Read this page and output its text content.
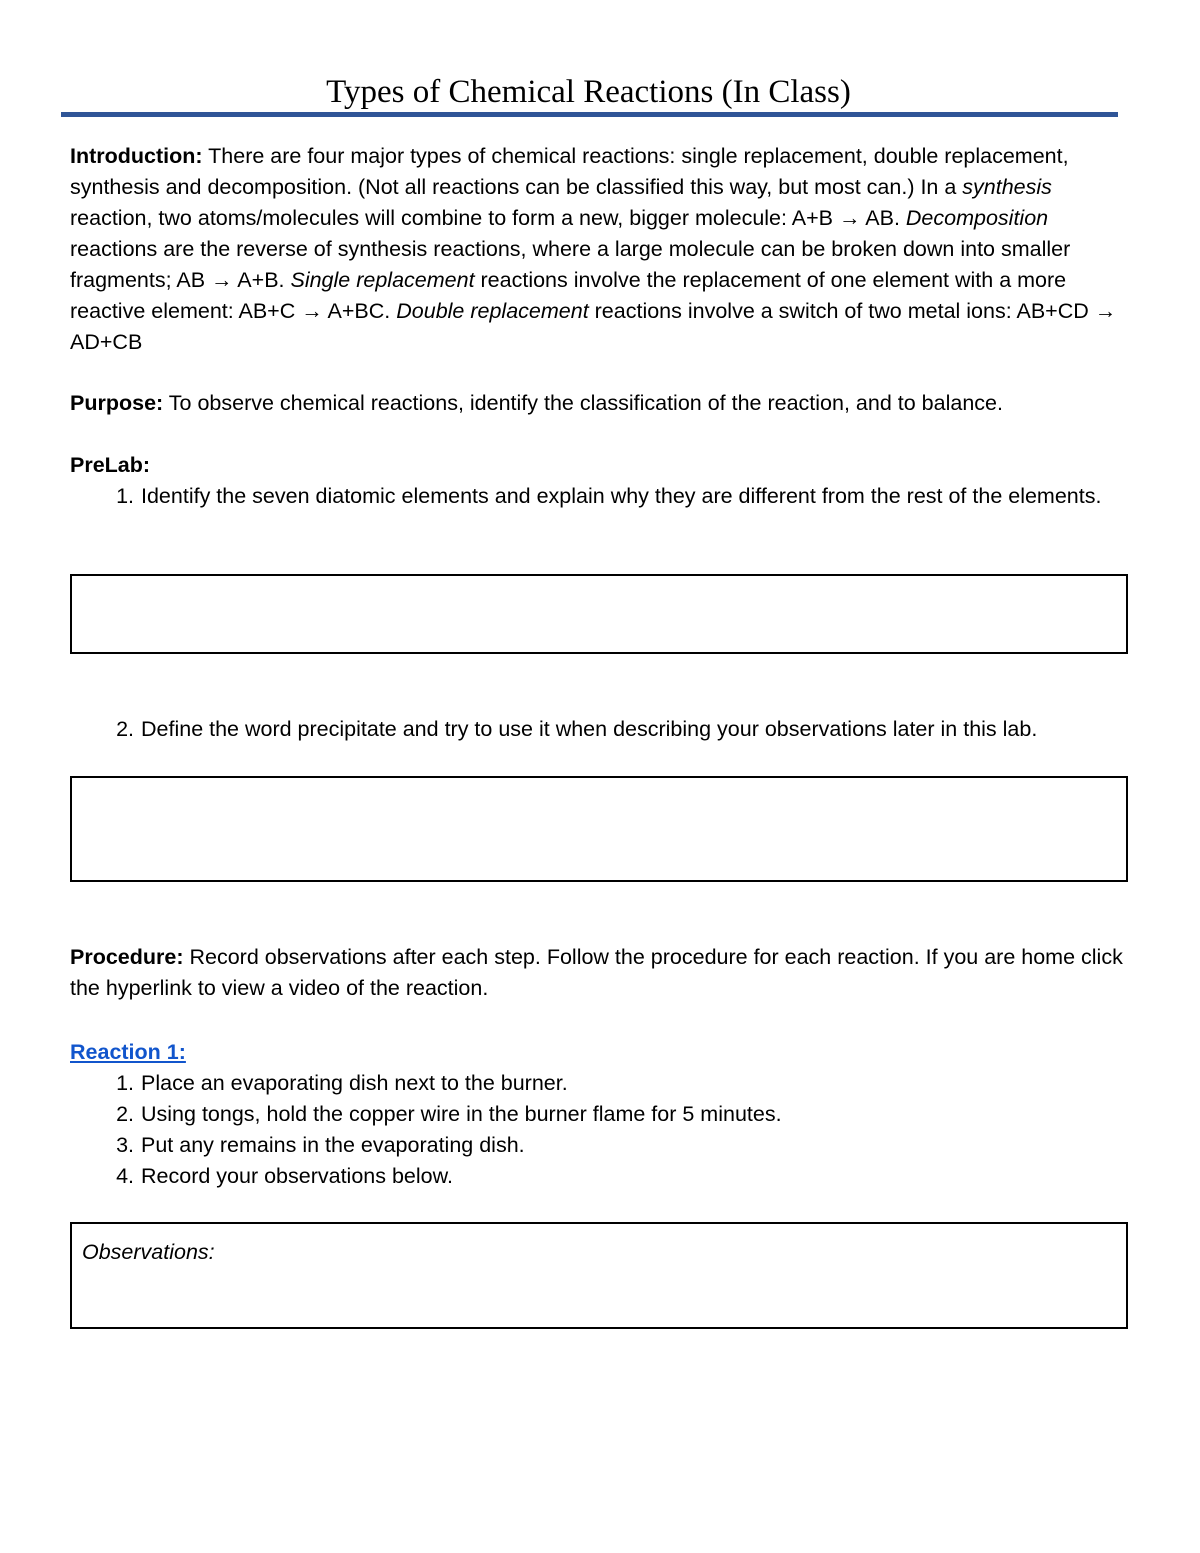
Types of Chemical Reactions (In Class)
Introduction: There are four major types of chemical reactions: single replacement, double replacement, synthesis and decomposition. (Not all reactions can be classified this way, but most can.) In a synthesis reaction, two atoms/molecules will combine to form a new, bigger molecule: A+B → AB. Decomposition reactions are the reverse of synthesis reactions, where a large molecule can be broken down into smaller fragments; AB → A+B. Single replacement reactions involve the replacement of one element with a more reactive element: AB+C → A+BC. Double replacement reactions involve a switch of two metal ions: AB+CD → AD+CB
Purpose: To observe chemical reactions, identify the classification of the reaction, and to balance.
PreLab:
1. Identify the seven diatomic elements and explain why they are different from the rest of the elements.
2. Define the word precipitate and try to use it when describing your observations later in this lab.
Procedure: Record observations after each step. Follow the procedure for each reaction. If you are home click the hyperlink to view a video of the reaction.
Reaction 1:
1. Place an evaporating dish next to the burner.
2. Using tongs, hold the copper wire in the burner flame for 5 minutes.
3. Put any remains in the evaporating dish.
4. Record your observations below.
Observations:
